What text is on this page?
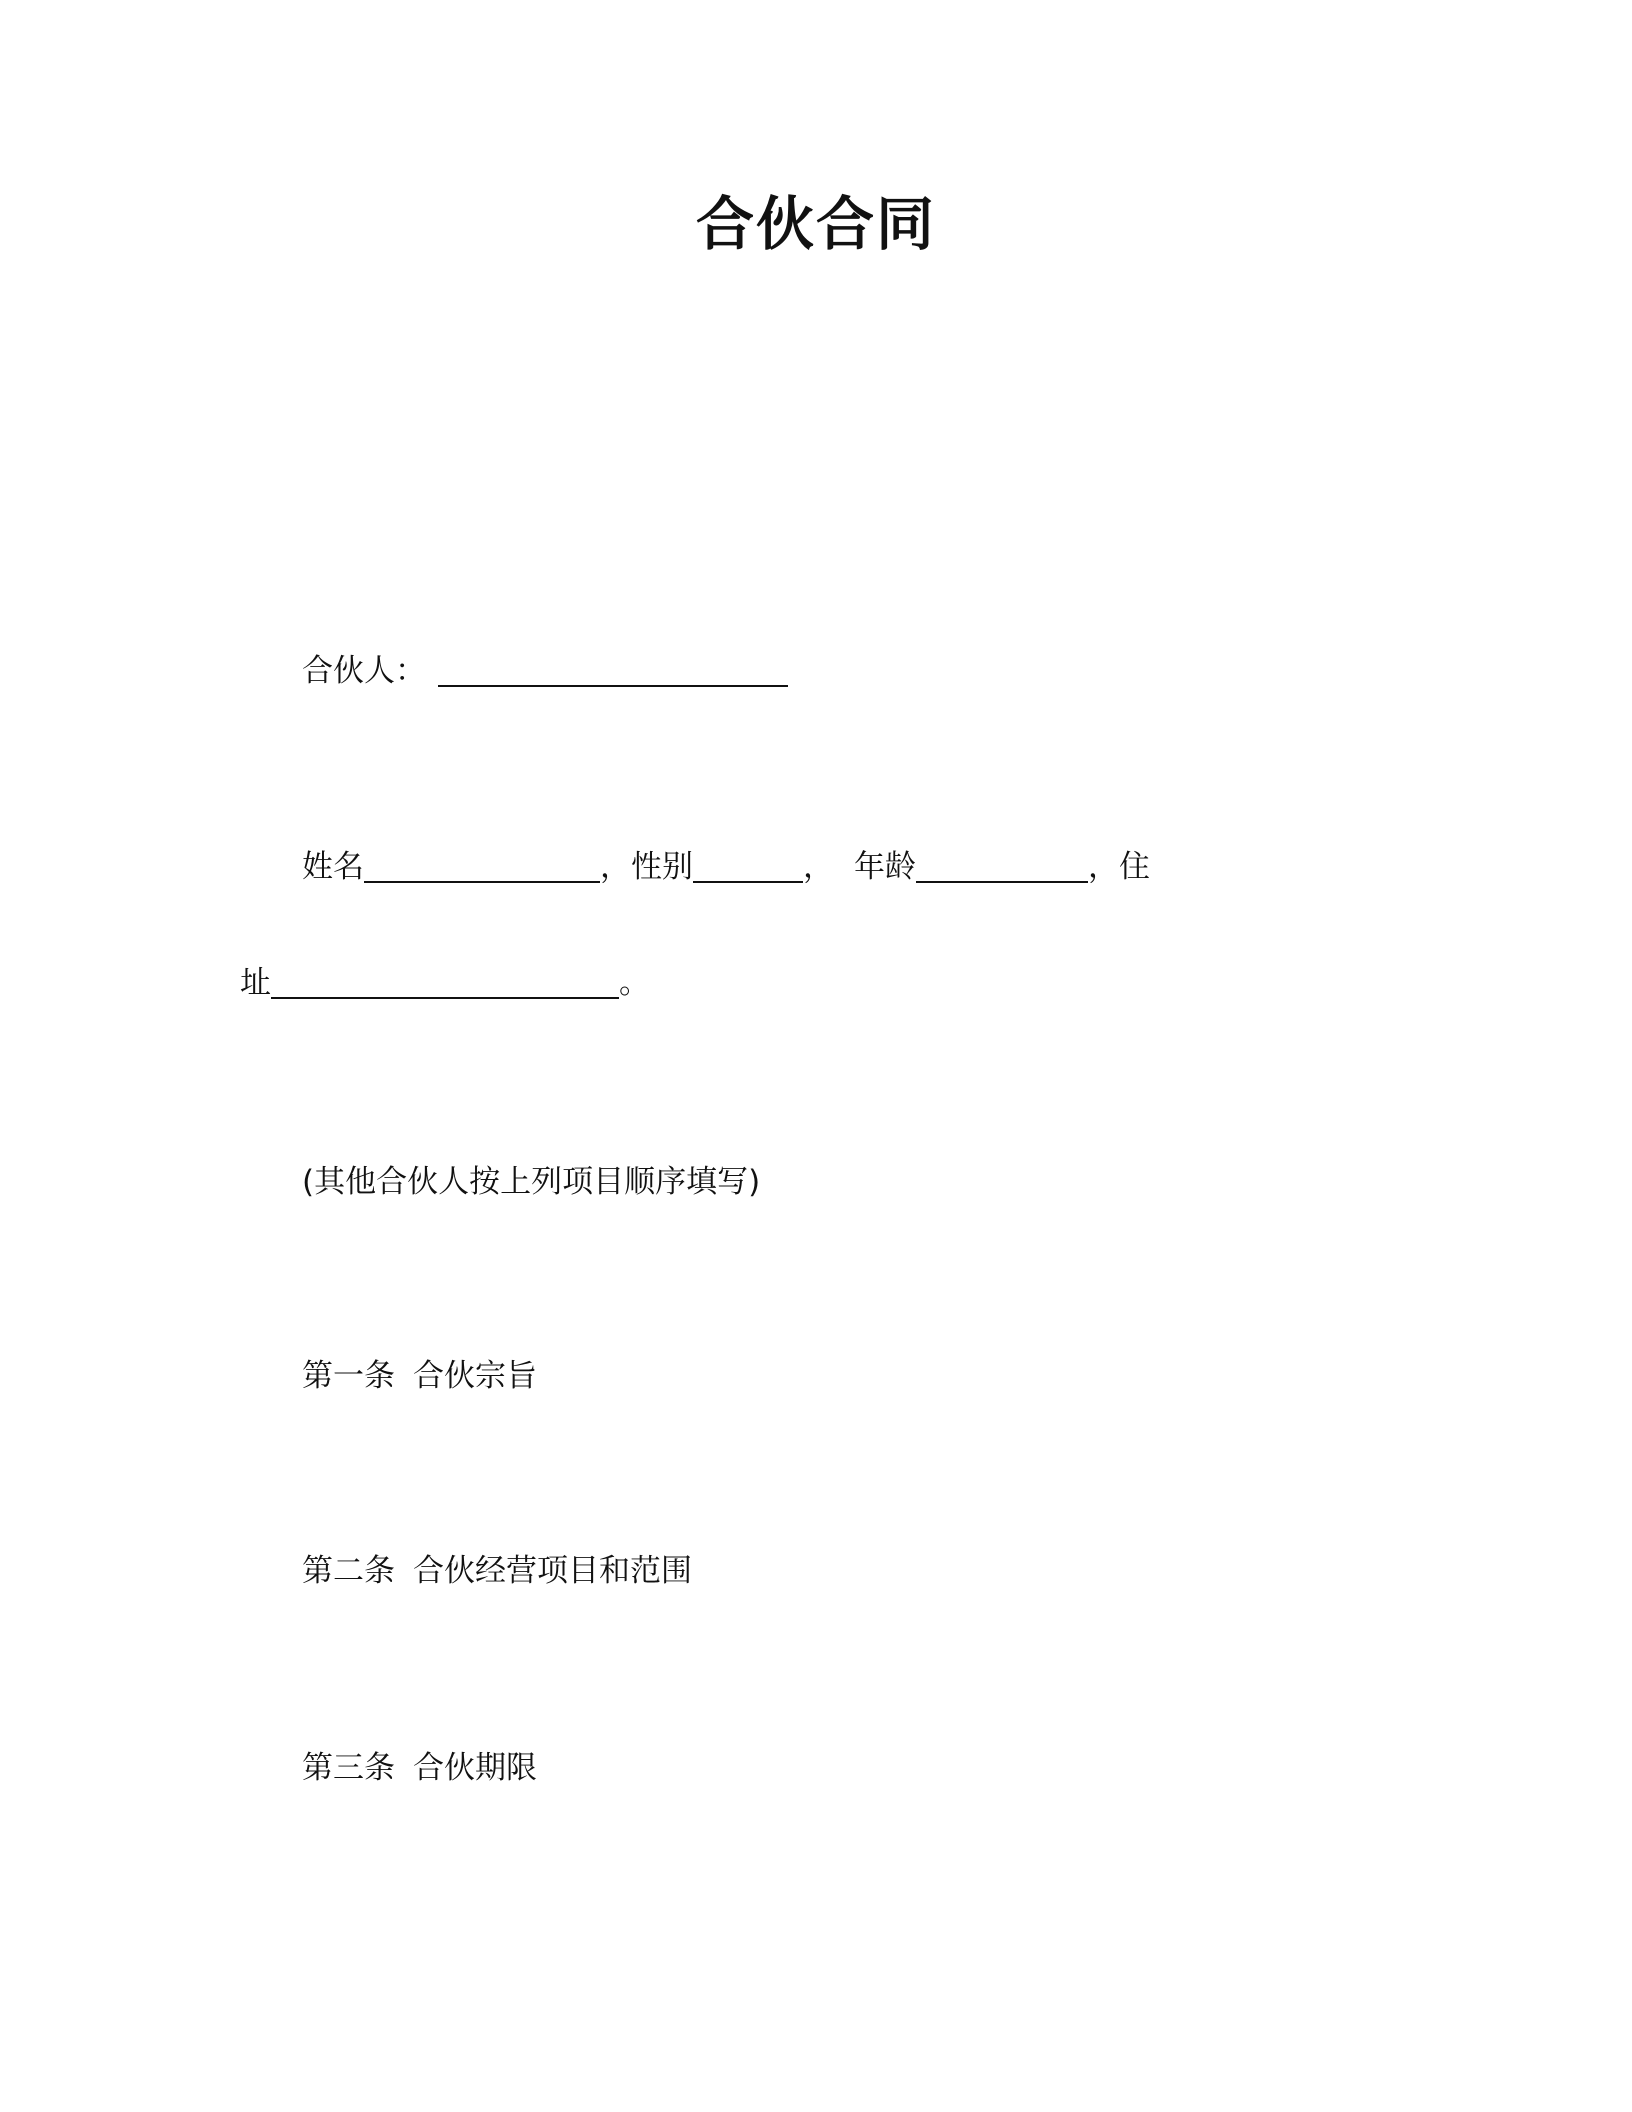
合伙合同
合伙人：
姓名	，性别	， 年龄	，住
址	。
(其他合伙人按上列项目顺序填写)
第一条 合伙宗旨
第二条 合伙经营项目和范围
第三条 合伙期限
